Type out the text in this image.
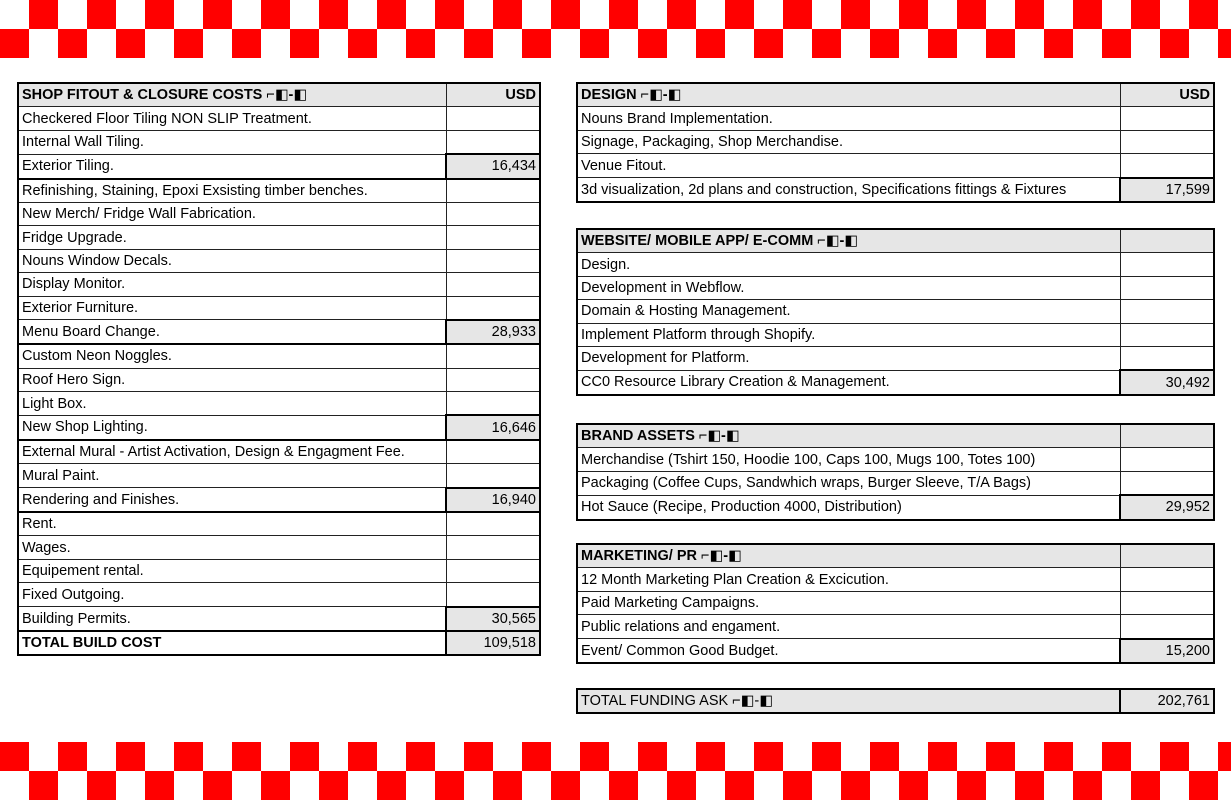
SHOP FITOUT & CLOSURE COSTS ⌐◧-◧	USD
Checkered Floor Tiling NON SLIP Treatment.	
Internal Wall Tiling.	
Exterior Tiling.	16,434
Refinishing, Staining, Epoxi Exsisting timber benches.	
New Merch/ Fridge Wall Fabrication.	
Fridge Upgrade.	
Nouns Window Decals.	
Display Monitor.	
Exterior Furniture.	
Menu Board Change.	28,933
Custom Neon Noggles.	
Roof Hero Sign.	
Light Box.	
New Shop Lighting.	16,646
External Mural - Artist Activation, Design & Engagment Fee.	
Mural Paint.	
Rendering and Finishes.	16,940
Rent.	
Wages.	
Equipement rental.	
Fixed Outgoing.	
Building Permits.	30,565
TOTAL BUILD COST	109,518
DESIGN ⌐◧-◧	USD
Nouns Brand Implementation.	
Signage, Packaging, Shop Merchandise.	
Venue Fitout.	
3d visualization, 2d plans and construction, Specifications fittings & Fixtures	17,599
WEBSITE/ MOBILE APP/ E-COMM ⌐◧-◧	
Design.	
Development in Webflow.	
Domain & Hosting Management.	
Implement Platform through Shopify.	
Development for Platform.	
CC0 Resource Library Creation & Management.	30,492
BRAND ASSETS ⌐◧-◧	
Merchandise (Tshirt 150, Hoodie 100, Caps 100, Mugs 100, Totes 100)	
Packaging (Coffee Cups, Sandwhich wraps, Burger Sleeve, T/A Bags)	
Hot Sauce (Recipe, Production 4000, Distribution)	29,952
MARKETING/ PR ⌐◧-◧	
12 Month Marketing Plan Creation & Excicution.	
Paid Marketing Campaigns.	
Public relations and engament.	
Event/ Common Good Budget.	15,200
TOTAL FUNDING ASK ⌐◧-◧	202,761
